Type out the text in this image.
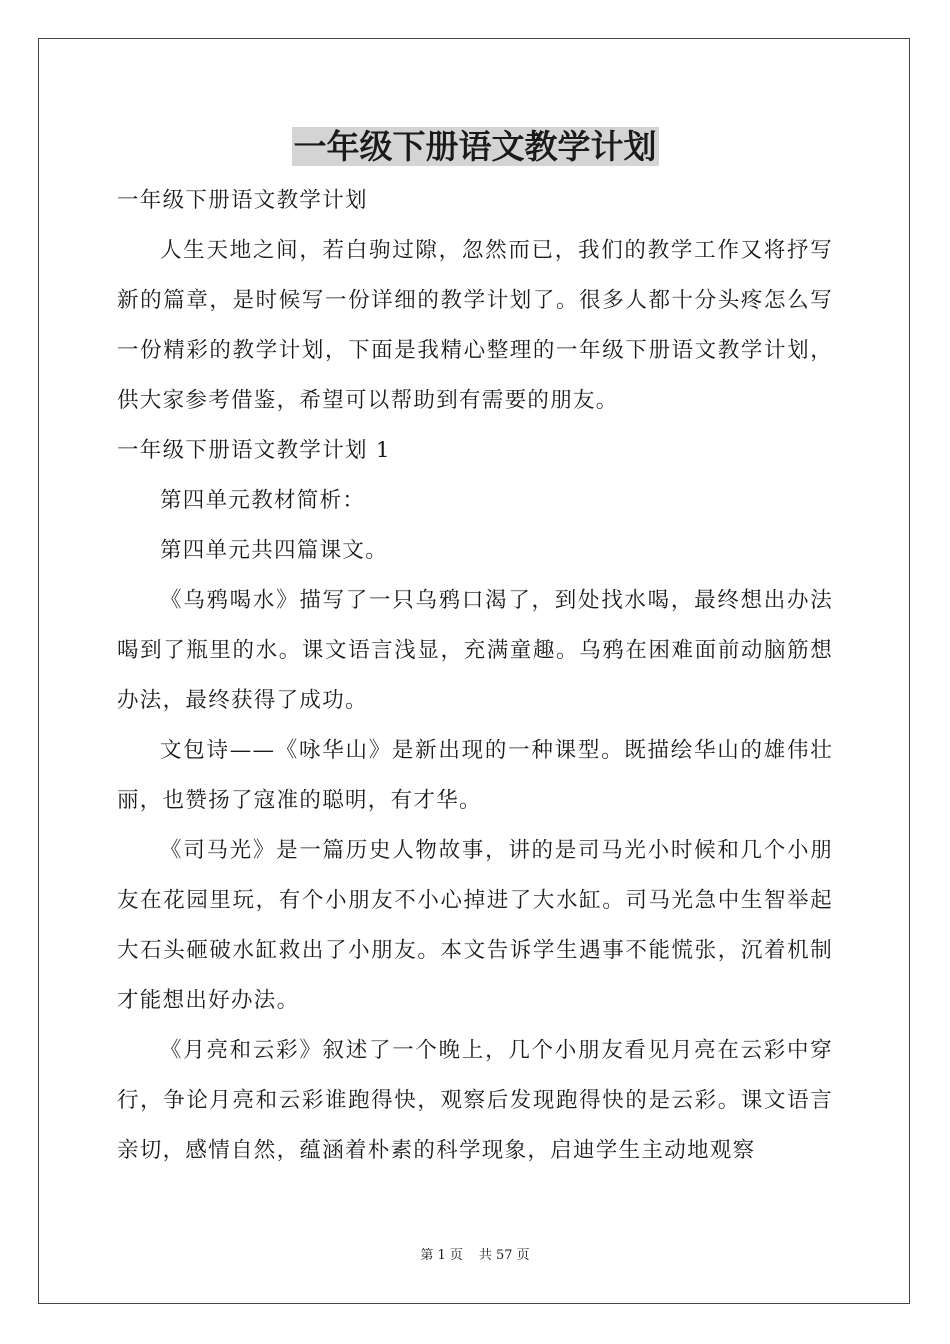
一年级下册语文教学计划

一年级下册语文教学计划

人生天地之间，若白驹过隙，忽然而已，我们的教学工作又将抒写新的篇章，是时候写一份详细的教学计划了。很多人都十分头疼怎么写一份精彩的教学计划，下面是我精心整理的一年级下册语文教学计划，供大家参考借鉴，希望可以帮助到有需要的朋友。

一年级下册语文教学计划 1

第四单元教材简析：

第四单元共四篇课文。

《乌鸦喝水》描写了一只乌鸦口渴了，到处找水喝，最终想出办法喝到了瓶里的水。课文语言浅显，充满童趣。乌鸦在困难面前动脑筋想办法，最终获得了成功。

文包诗——《咏华山》是新出现的一种课型。既描绘华山的雄伟壮丽，也赞扬了寇准的聪明，有才华。

《司马光》是一篇历史人物故事，讲的是司马光小时候和几个小朋友在花园里玩，有个小朋友不小心掉进了大水缸。司马光急中生智举起大石头砸破水缸救出了小朋友。本文告诉学生遇事不能慌张，沉着机制才能想出好办法。

《月亮和云彩》叙述了一个晚上，几个小朋友看见月亮在云彩中穿行，争论月亮和云彩谁跑得快，观察后发现跑得快的是云彩。课文语言亲切，感情自然，蕴涵着朴素的科学现象，启迪学生主动地观察

第 1 页 共 57 页
